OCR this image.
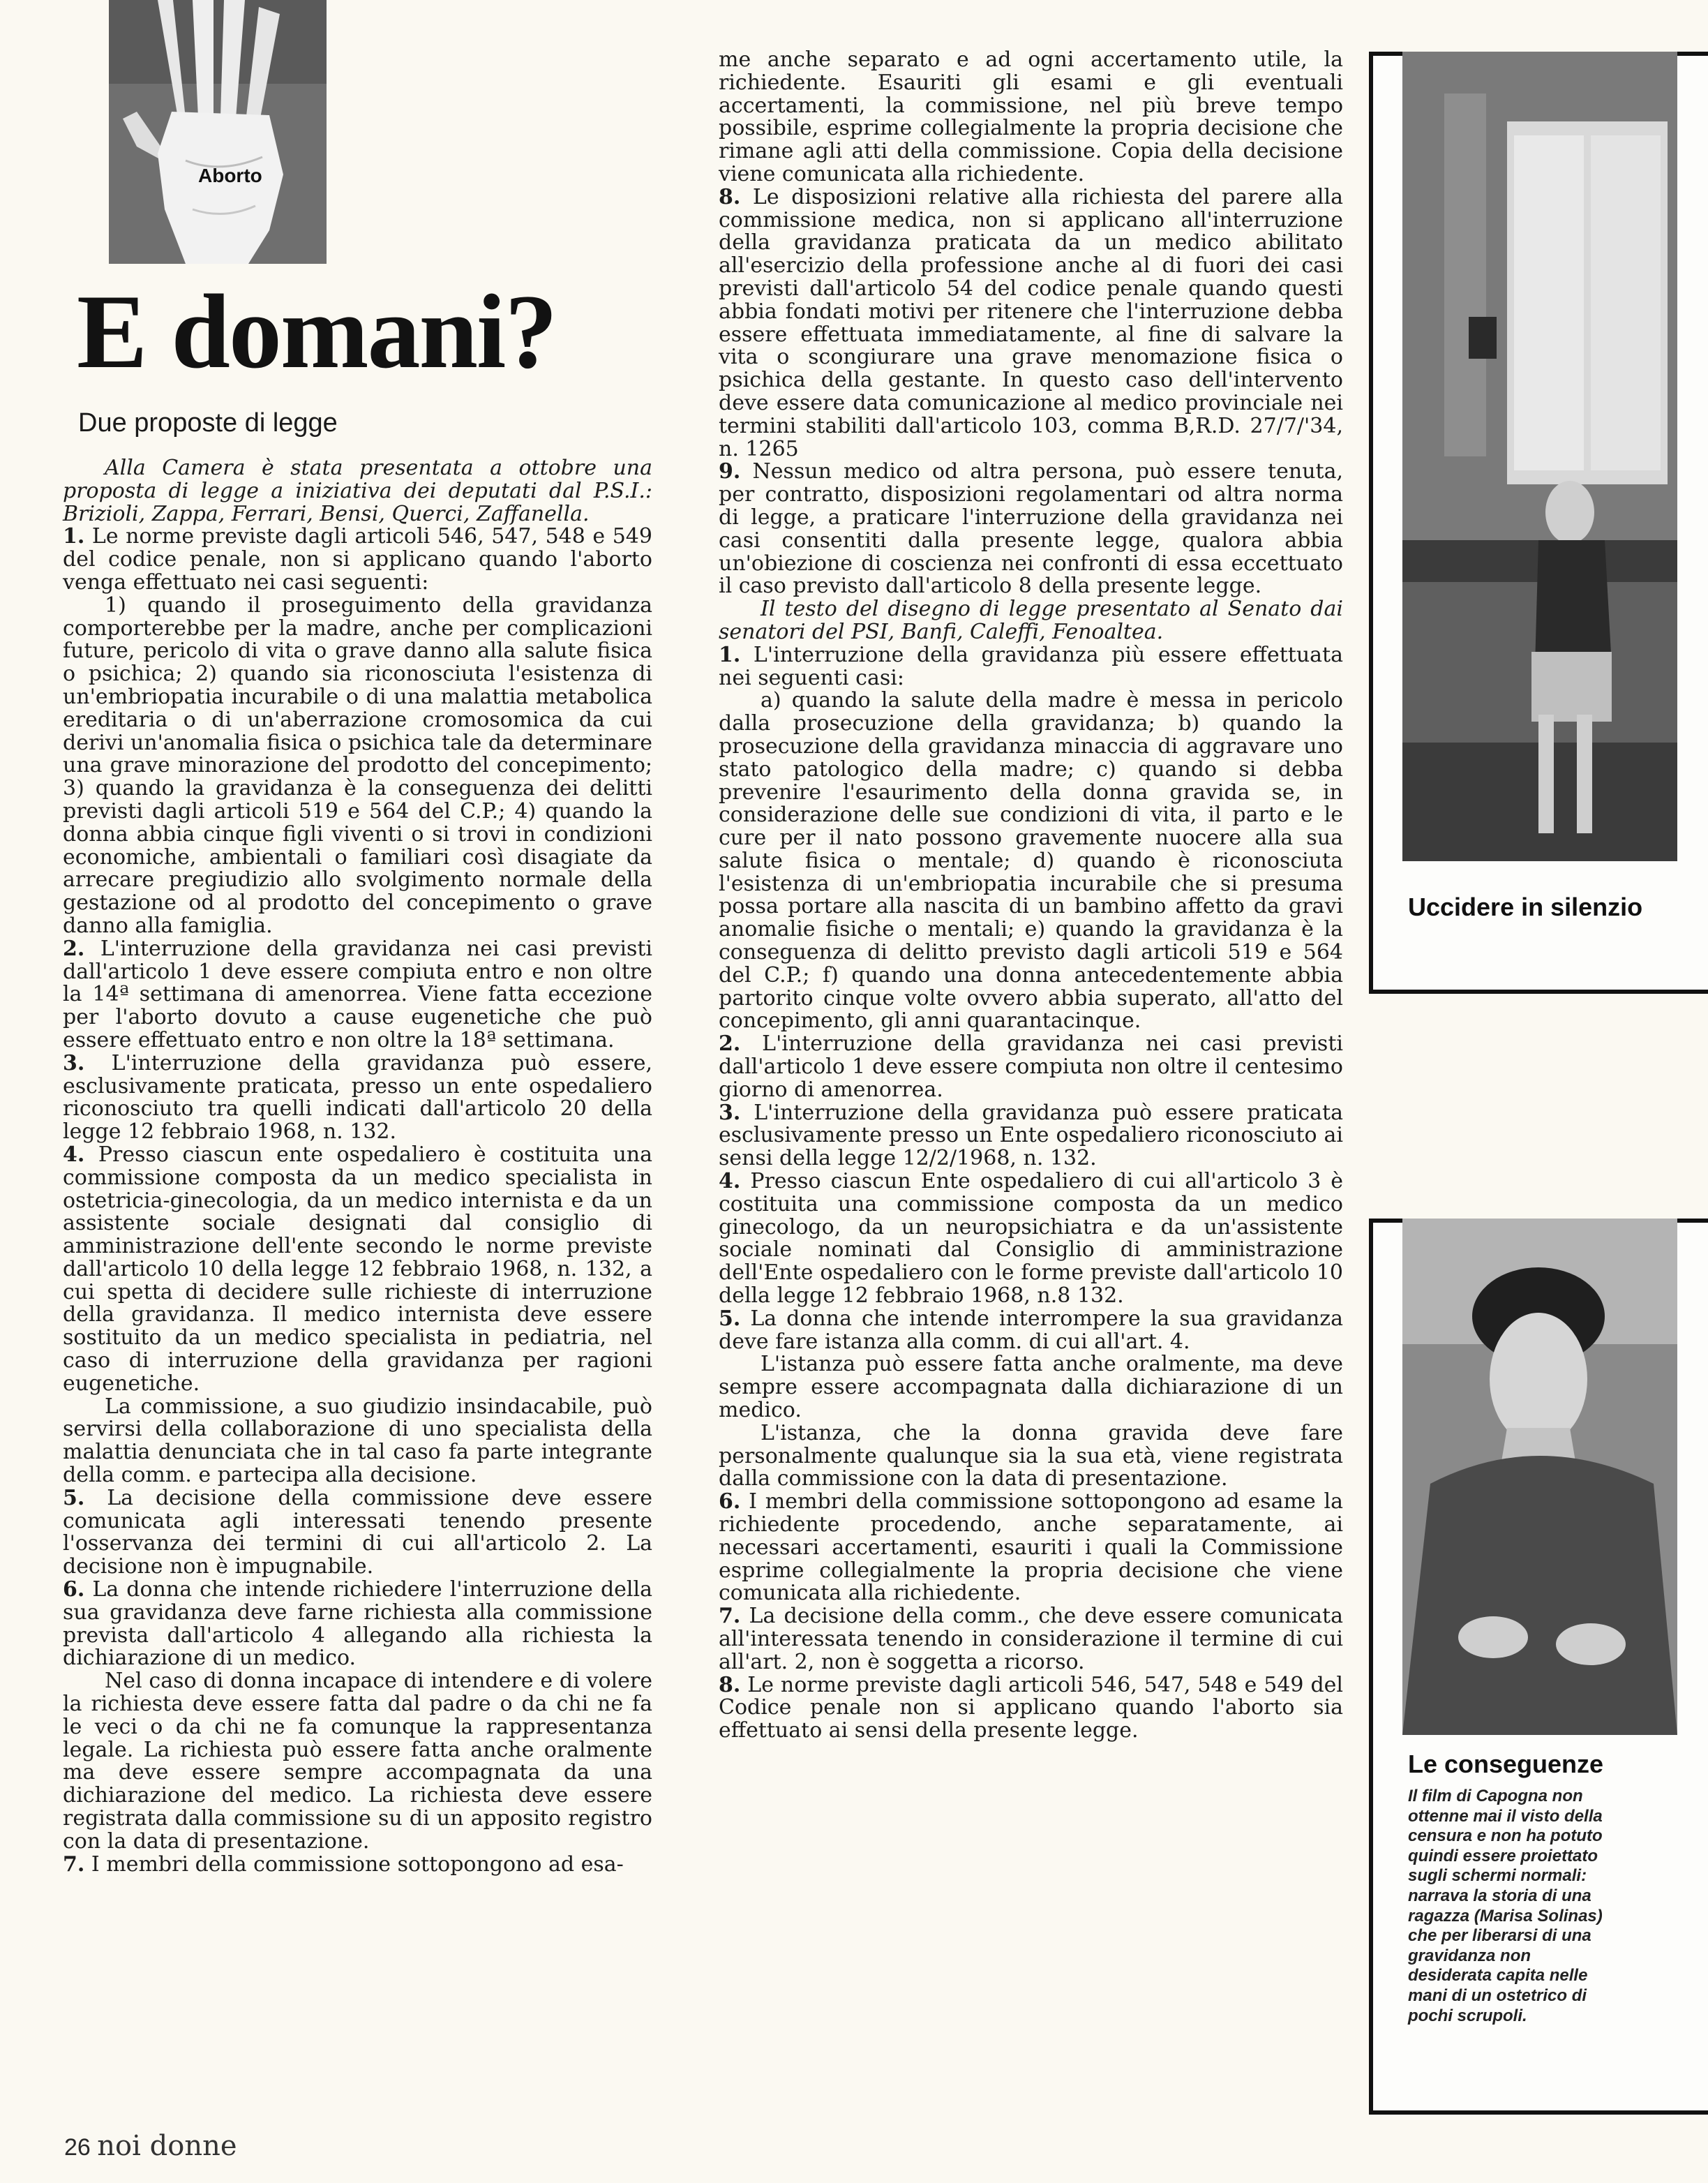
Aborto
E domani?
Due proposte di legge

Alla Camera è stata presentata a ottobre una proposta di legge a iniziativa dei deputati dal P.S.I.: Brizioli, Zappa, Ferrari, Bensi, Querci, Zaffanella.

1. Le norme previste dagli articoli 546, 547, 548 e 549 del codice penale, non si applicano quando l'aborto venga effettuato nei casi seguenti:

1) quando il proseguimento della gravidanza comporterebbe per la madre, anche per complicazioni future, pericolo di vita o grave danno alla salute fisica o psichica; 2) quando sia riconosciuta l'esistenza di un'embriopatia incurabile o di una malattia metabolica ereditaria o di un'aberrazione cromosomica da cui derivi un'anomalia fisica o psichica tale da determinare una grave minorazione del prodotto del concepimento; 3) quando la gravidanza è la conseguenza dei delitti previsti dagli articoli 519 e 564 del C.P.; 4) quando la donna abbia cinque figli viventi o si trovi in condizioni economiche, ambientali o familiari così disagiate da arrecare pregiudizio allo svolgimento normale della gestazione od al prodotto del concepimento o grave danno alla famiglia.

2. L'interruzione della gravidanza nei casi previsti dall'articolo 1 deve essere compiuta entro e non oltre la 14ª settimana di amenorrea. Viene fatta eccezione per l'aborto dovuto a cause eugenetiche che può essere effettuato entro e non oltre la 18ª settimana.

3. L'interruzione della gravidanza può essere, esclusivamente praticata, presso un ente ospedaliero riconosciuto tra quelli indicati dall'articolo 20 della legge 12 febbraio 1968, n. 132.

4. Presso ciascun ente ospedaliero è costituita una commissione composta da un medico specialista in ostetricia-ginecologia, da un medico internista e da un assistente sociale designati dal consiglio di amministrazione dell'ente secondo le norme previste dall'articolo 10 della legge 12 febbraio 1968, n. 132, a cui spetta di decidere sulle richieste di interruzione della gravidanza. Il medico internista deve essere sostituito da un medico specialista in pediatria, nel caso di interruzione della gravidanza per ragioni eugenetiche.

La commissione, a suo giudizio insindacabile, può servirsi della collaborazione di uno specialista della malattia denunciata che in tal caso fa parte integrante della comm. e partecipa alla decisione.

5. La decisione della commissione deve essere comunicata agli interessati tenendo presente l'osservanza dei termini di cui all'articolo 2. La decisione non è impugnabile.

6. La donna che intende richiedere l'interruzione della sua gravidanza deve farne richiesta alla commissione prevista dall'articolo 4 allegando alla richiesta la dichiarazione di un medico.

Nel caso di donna incapace di intendere e di volere la richiesta deve essere fatta dal padre o da chi ne fa le veci o da chi ne fa comunque la rappresentanza legale. La richiesta può essere fatta anche oralmente ma deve essere sempre accompagnata da una dichiarazione del medico. La richiesta deve essere registrata dalla commissione su di un apposito registro con la data di presentazione.

7. I membri della commissione sottopongono ad esa-

me anche separato e ad ogni accertamento utile, la richiedente. Esauriti gli esami e gli eventuali accertamenti, la commissione, nel più breve tempo possibile, esprime collegialmente la propria decisione che rimane agli atti della commissione. Copia della decisione viene comunicata alla richiedente.

8. Le disposizioni relative alla richiesta del parere alla commissione medica, non si applicano all'interruzione della gravidanza praticata da un medico abilitato all'esercizio della professione anche al di fuori dei casi previsti dall'articolo 54 del codice penale quando questi abbia fondati motivi per ritenere che l'interruzione debba essere effettuata immediatamente, al fine di salvare la vita o scongiurare una grave menomazione fisica o psichica della gestante. In questo caso dell'intervento deve essere data comunicazione al medico provinciale nei termini stabiliti dall'articolo 103, comma B,R.D. 27/7/'34, n. 1265

9. Nessun medico od altra persona, può essere tenuta, per contratto, disposizioni regolamentari od altra norma di legge, a praticare l'interruzione della gravidanza nei casi consentiti dalla presente legge, qualora abbia un'obiezione di coscienza nei confronti di essa eccettuato il caso previsto dall'articolo 8 della presente legge.

Il testo del disegno di legge presentato al Senato dai senatori del PSI, Banfi, Caleffi, Fenoaltea.

1. L'interruzione della gravidanza più essere effettuata nei seguenti casi:

a) quando la salute della madre è messa in pericolo dalla prosecuzione della gravidanza; b) quando la prosecuzione della gravidanza minaccia di aggravare uno stato patologico della madre; c) quando si debba prevenire l'esaurimento della donna gravida se, in considerazione delle sue condizioni di vita, il parto e le cure per il nato possono gravemente nuocere alla sua salute fisica o mentale; d) quando è riconosciuta l'esistenza di un'embriopatia incurabile che si presuma possa portare alla nascita di un bambino affetto da gravi anomalie fisiche o mentali; e) quando la gravidanza è la conseguenza di delitto previsto dagli articoli 519 e 564 del C.P.; f) quando una donna antecedentemente abbia partorito cinque volte ovvero abbia superato, all'atto del concepimento, gli anni quarantacinque.

2. L'interruzione della gravidanza nei casi previsti dall'articolo 1 deve essere compiuta non oltre il centesimo giorno di amenorrea.

3. L'interruzione della gravidanza può essere praticata esclusivamente presso un Ente ospedaliero riconosciuto ai sensi della legge 12/2/1968, n. 132.

4. Presso ciascun Ente ospedaliero di cui all'articolo 3 è costituita una commissione composta da un medico ginecologo, da un neuropsichiatra e da un'assistente sociale nominati dal Consiglio di amministrazione dell'Ente ospedaliero con le forme previste dall'articolo 10 della legge 12 febbraio 1968, n.8 132.

5. La donna che intende interrompere la sua gravidanza deve fare istanza alla comm. di cui all'art. 4.

L'istanza può essere fatta anche oralmente, ma deve sempre essere accompagnata dalla dichiarazione di un medico.

L'istanza, che la donna gravida deve fare personalmente qualunque sia la sua età, viene registrata dalla commissione con la data di presentazione.

6. I membri della commissione sottopongono ad esame la richiedente procedendo, anche separatamente, ai necessari accertamenti, esauriti i quali la Commissione esprime collegialmente la propria decisione che viene comunicata alla richiedente.

7. La decisione della comm., che deve essere comunicata all'interessata tenendo in considerazione il termine di cui all'art. 2, non è soggetta a ricorso.

8. Le norme previste dagli articoli 546, 547, 548 e 549 del Codice penale non si applicano quando l'aborto sia effettuato ai sensi della presente legge.

Uccidere in silenzio
Le conseguenze
Il film di Capogna non ottenne mai il visto della censura e non ha potuto quindi essere proiettato sugli schermi normali: narrava la storia di una ragazza (Marisa Solinas) che per liberarsi di una gravidanza non desiderata capita nelle mani di un ostetrico di pochi scrupoli.
26 noi donne
